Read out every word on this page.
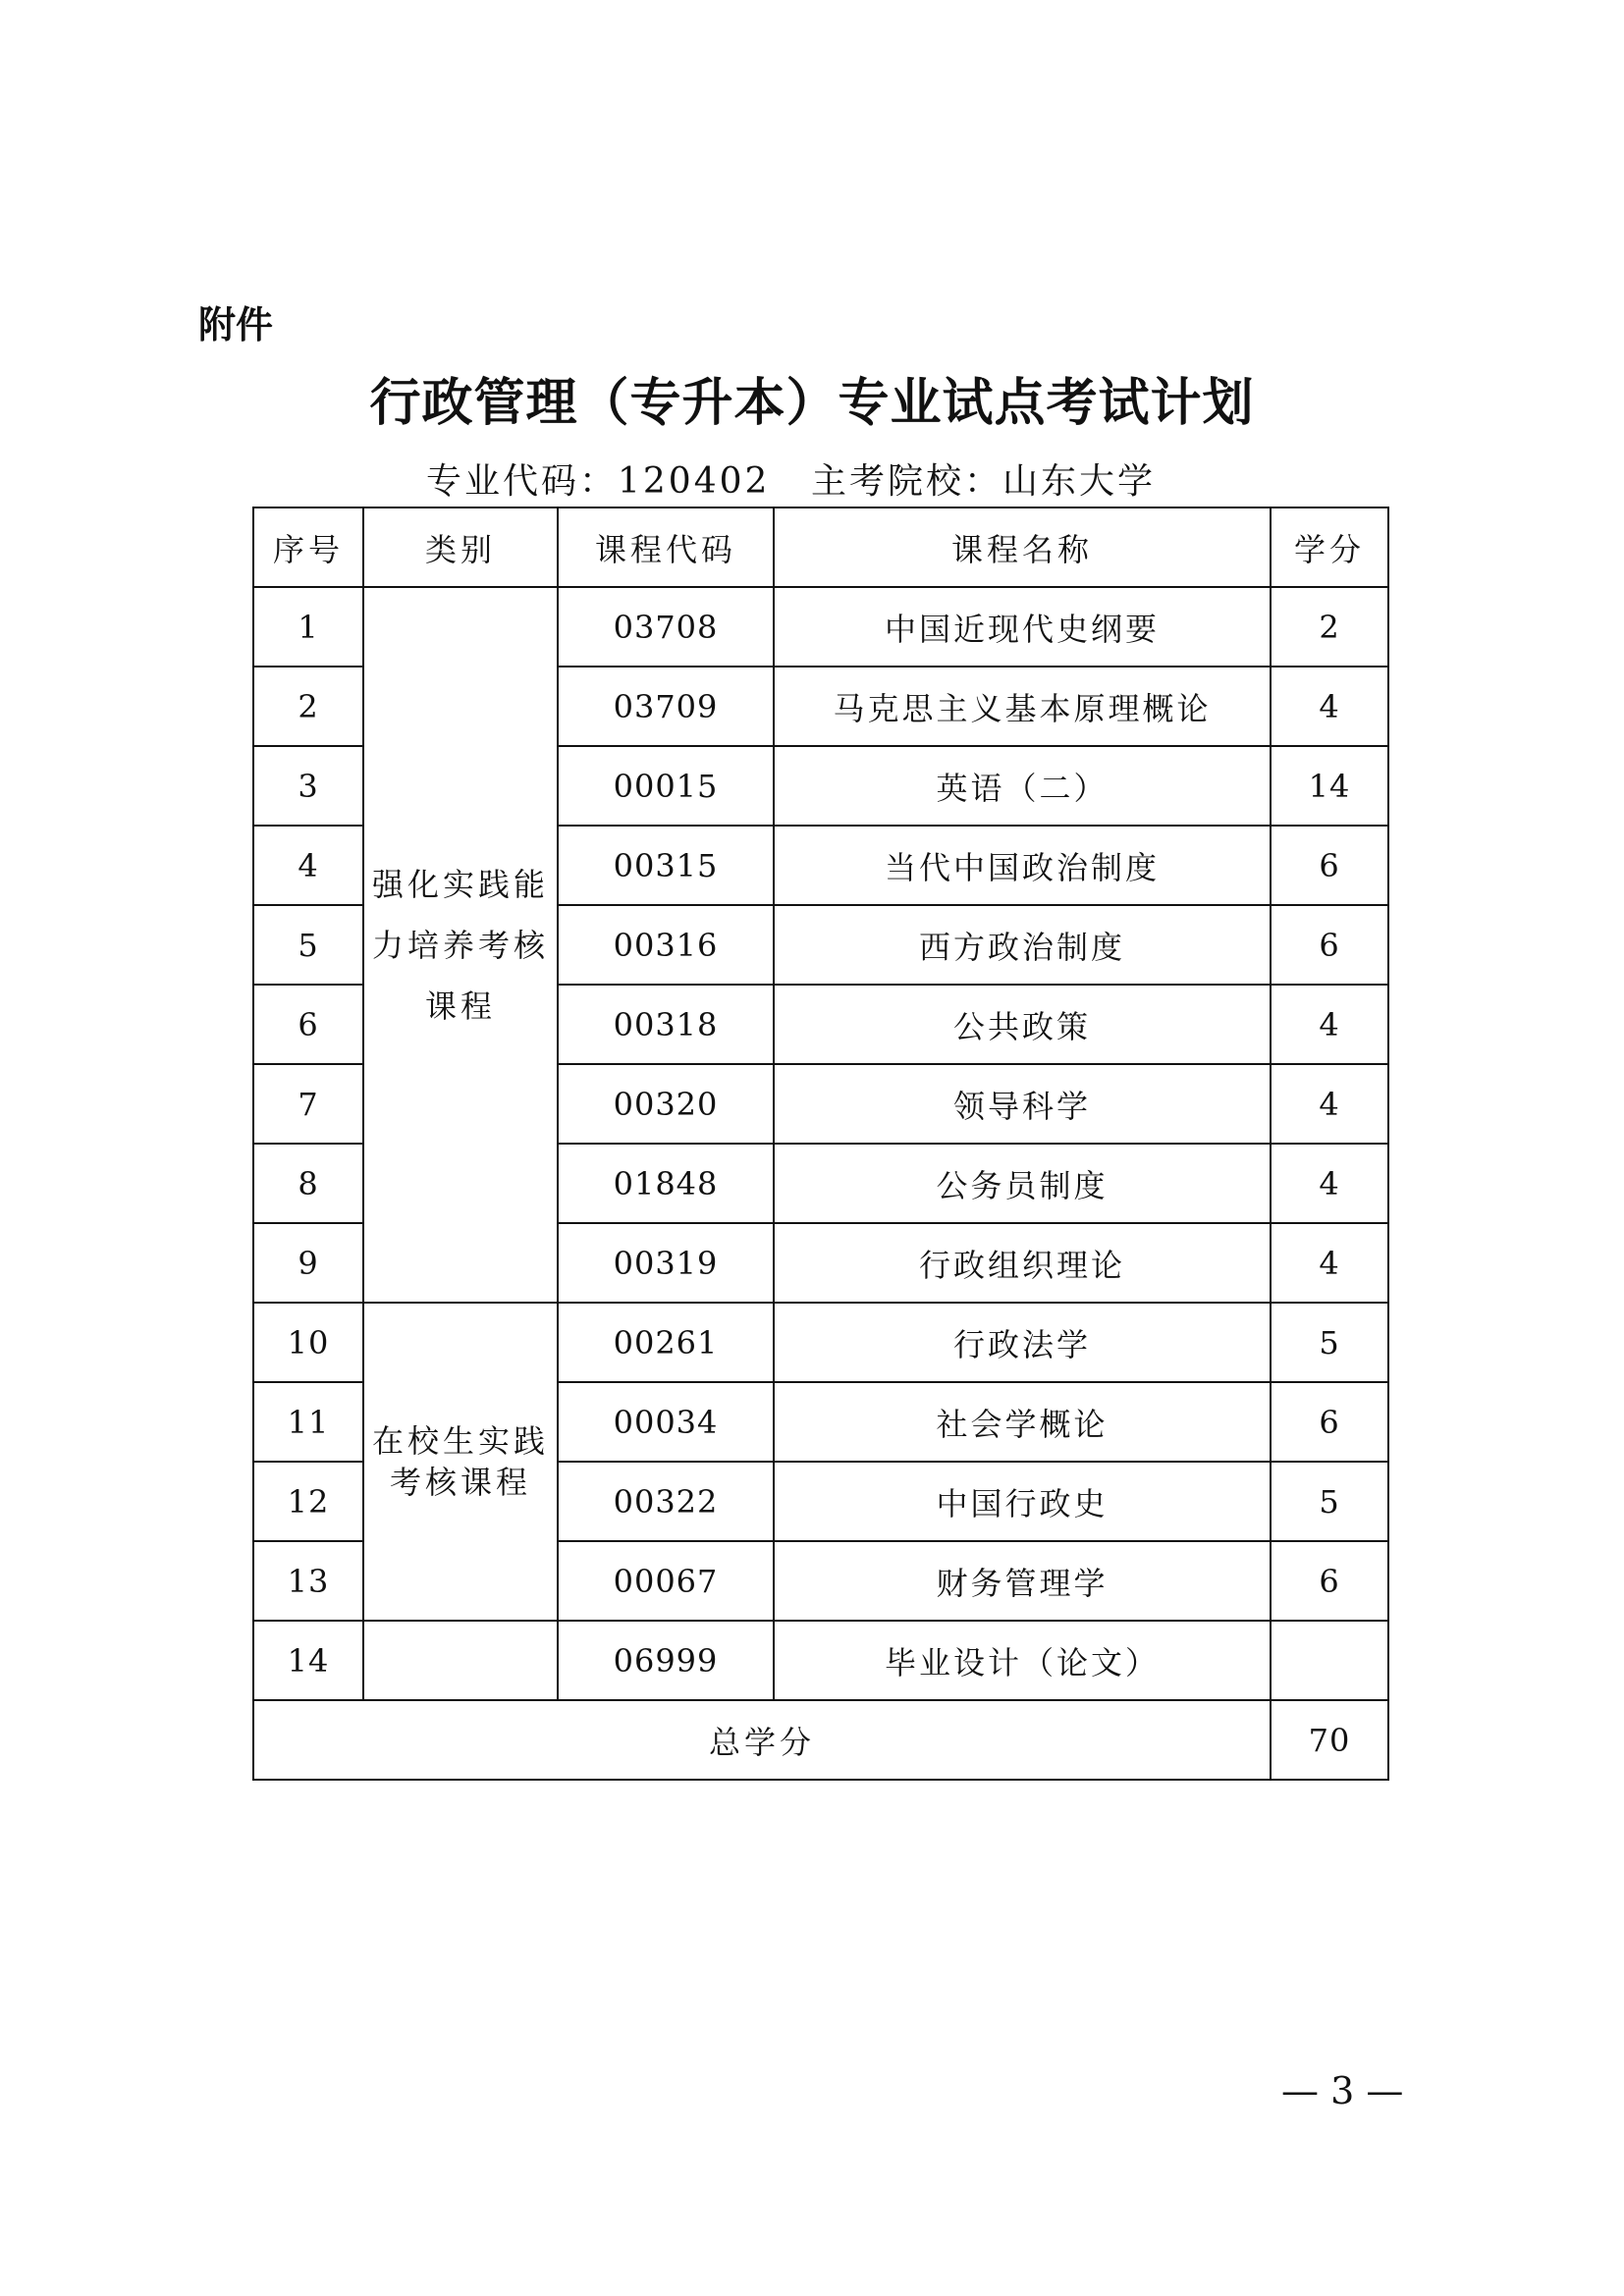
附件
行政管理（专升本）专业试点考试计划
专业代码：120402 主考院校：山东大学
序号	类别	课程代码	课程名称	学分
1	强化实践能力培养考核课程	03708	中国近现代史纲要	2
2		03709	马克思主义基本原理概论	4
3		00015	英语（二）	14
4		00315	当代中国政治制度	6
5		00316	西方政治制度	6
6		00318	公共政策	4
7		00320	领导科学	4
8		01848	公务员制度	4
9		00319	行政组织理论	4
10	在校生实践考核课程	00261	行政法学	5
11		00034	社会学概论	6
12		00322	中国行政史	5
13		00067	财务管理学	6
14		06999	毕业设计（论文）	
总学分				70
— 3 —
